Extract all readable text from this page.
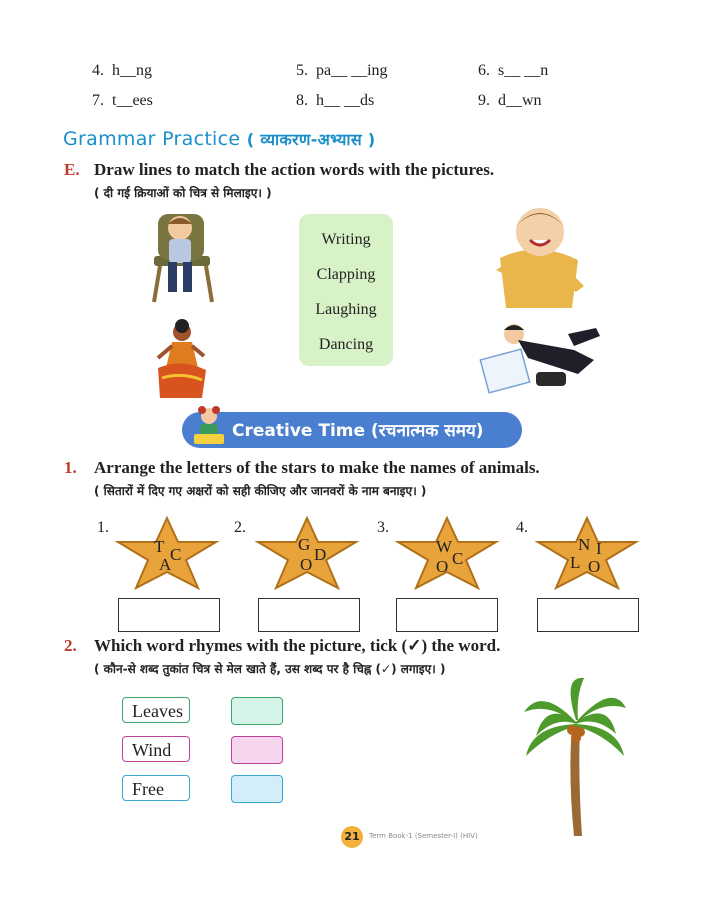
4. h__ng	5. pa__ __ing	6. s__ __n
7. t__ees	8. h__ __ds	9. d__wn
Grammar Practice ( व्याकरण-अभ्यास )
E. Draw lines to match the action words with the pictures.
( दी गई क्रियाओं को चित्र से मिलाइए। )
Writing
Clapping
Laughing
Dancing
Creative Time (रचनात्मक समय)
1. Arrange the letters of the stars to make the names of animals.
( सितारों में दिए गए अक्षरों को सही कीजिए और जानवरों के नाम बनाइए। )
1.
T C
A
2.
G
D
O
3.
W
C
O
4.
N I
L O
2. Which word rhymes with the picture, tick (✓) the word.
( कौन-से शब्द तुकांत चित्र से मेल खाते हैं, उस शब्द पर है चिह्न (✓) लगाइए। )
Leaves
Wind
Free
21	Term Book-1 (Semester-I) (HIV)
